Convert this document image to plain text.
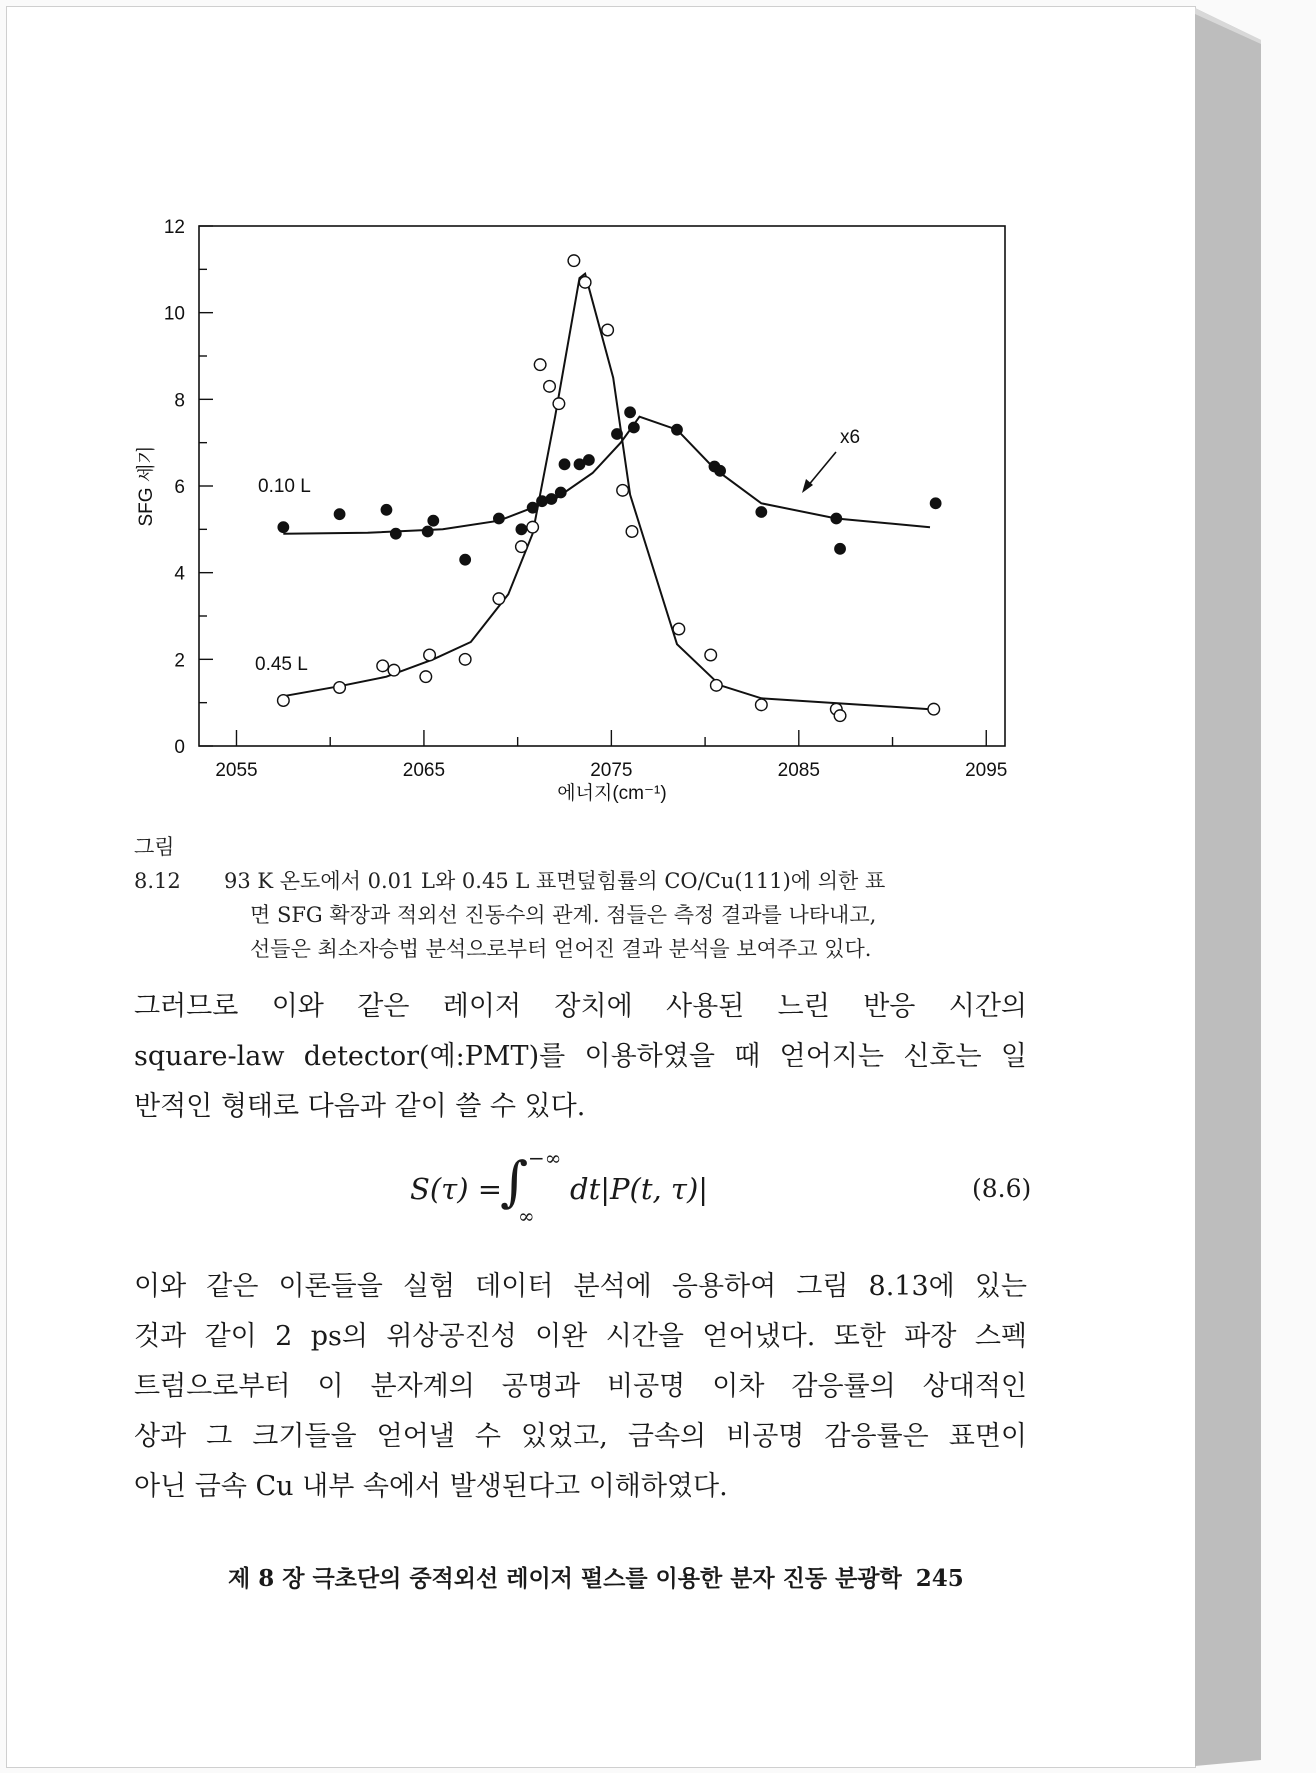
2055	2065	2075	2085	2095
0
2
4
6
8
10
12
SFG 세기
에너지(cm⁻¹)
0.10 L
0.45 L
x6
그림 8.12 93 K 온도에서 0.01 L와 0.45 L 표면덮힘률의 CO/Cu(111)에 의한 표
면 SFG 확장과 적외선 진동수의 관계. 점들은 측정 결과를 나타내고,
선들은 최소자승법 분석으로부터 얻어진 결과 분석을 보여주고 있다.
그러므로 이와 같은 레이저 장치에 사용된 느린 반응 시간의
square-law detector(예:PMT)를 이용하였을 때 얻어지는 신호는 일
반적인 형태로 다음과 같이 쓸 수 있다.
S(τ) =
∫ −∞
∞
dt|P(t, τ)|	(8.6)
이와 같은 이론들을 실험 데이터 분석에 응용하여 그림 8.13에 있는
것과 같이 2 ps의 위상공진성 이완 시간을 얻어냈다. 또한 파장 스펙
트럼으로부터 이 분자계의 공명과 비공명 이차 감응률의 상대적인
상과 그 크기들을 얻어낼 수 있었고, 금속의 비공명 감응률은 표면이
아닌 금속 Cu 내부 속에서 발생된다고 이해하였다.
제 8 장 극초단의 중적외선 레이저 펄스를 이용한 분자 진동 분광학 245
